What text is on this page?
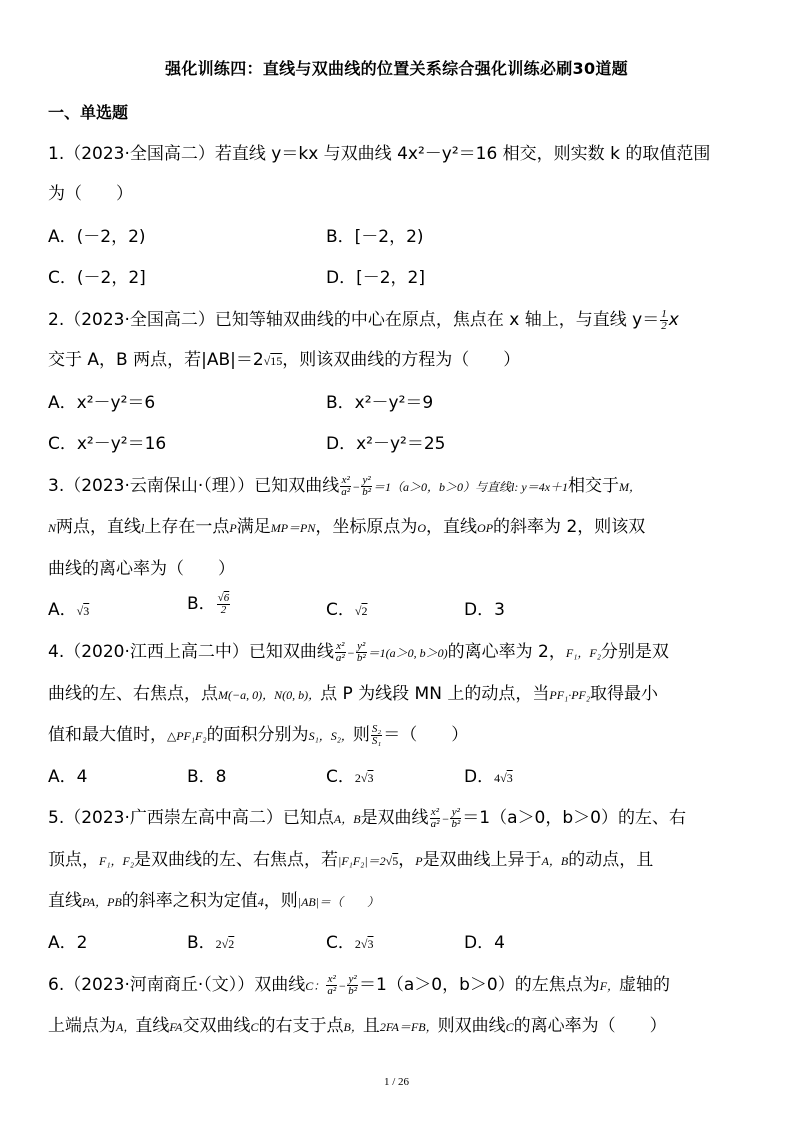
强化训练四：直线与双曲线的位置关系综合强化训练必刷30道题
一、单选题
1.（2023·全国高二）若直线 y＝kx 与双曲线 4x²－y²＝16 相交，则实数 k 的取值范围
为（　　）
A．(－2，2)	B．[－2，2)
C．(－2，2]	D．[－2，2]
2.（2023·全国高二）已知等轴双曲线的中心在原点，焦点在 x 轴上，与直线 $y= \frac{1}{2}$ x
交于 A，B 两点，若|AB|＝2√15，则该双曲线的方程为（　　）
A．x²－y²＝6	B．x²－y²＝9
C．x²－y²＝16	D．x²－y²＝25
3.（2023·云南保山·（理））已知双曲线 $\frac{\text{x²}}{\text{a²}} - \frac{\text{y²}}{\text{b²}} =1(a>0$，b＞0）与直线l: y＝4x＋1相交于M，
N两点，直线l上存在一点P满足MP＝PN，坐标原点为O，直线OP的斜率为 2，则该双
曲线的离心率为（　　）
A．√3	B． $\frac{√6}{2}$	C．√2	D．3
4.（2020·江西上高二中）已知双曲线 $\frac{\text{x²}}{\text{a²}} - \frac{\text{y²}}{\text{b²}} =1(a>0$, b＞0)的离心率为 2，F₁，F₂分别是双
曲线的左、右焦点，点M(−a, 0)，N(0, b)，点 P 为线段 MN 上的动点，当PF₁·PF₂取得最小
值和最大值时，△PF₁F₂的面积分别为S₁，S₂，则 $\frac{\text{S₂}}{\text{S₁}}$ ＝（　　）
A．4	B．8	C．2√3	D．4√3
5.（2023·广西崇左高中高二）已知点A，B是双曲线 $\frac{\text{x²}}{\text{a²}} - \frac{\text{y²}}{\text{b²}} =1(a>0$，b＞0）的左、右
顶点，F₁，F₂是双曲线的左、右焦点，若|F₁F₂|＝2√5，P是双曲线上异于A，B的动点，且
直线PA，PB的斜率之积为定值4，则|AB|＝（　　）
A．2	B．2√2	C．2√3	D．4
6.（2023·河南商丘·（文））双曲线C： $\frac{\text{x²}}{\text{a²}} - \frac{\text{y²}}{\text{b²}} =1(a>0$，b＞0）的左焦点为F，虚轴的
上端点为A，直线FA交双曲线C的右支于点B，且2FA＝FB，则双曲线C的离心率为（　　）
1 / 26
